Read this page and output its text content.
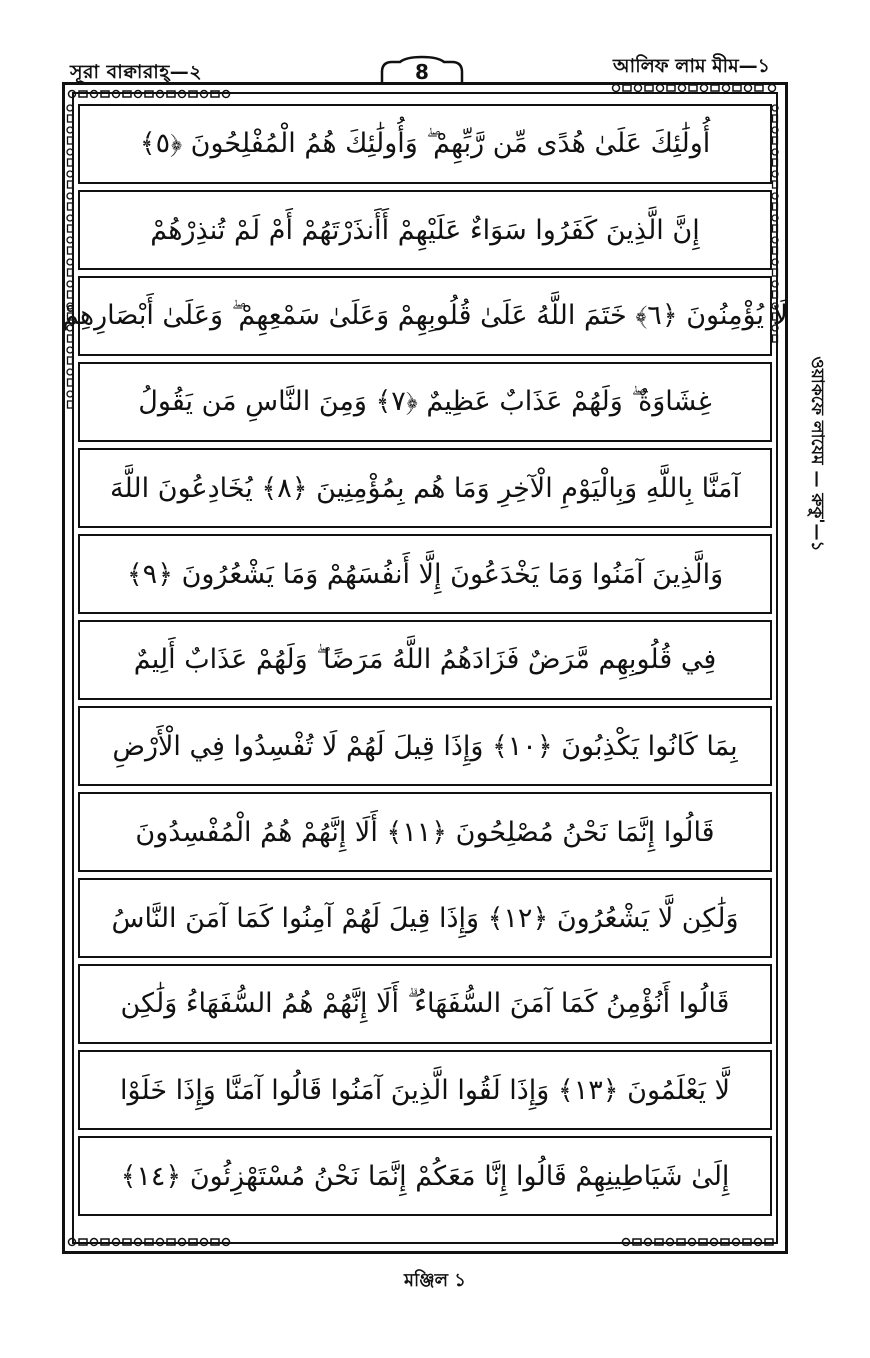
সূরা বাক্বারাহ্—২	8	আলিফ লাম মীম—১
أُولَٰئِكَ عَلَىٰ هُدًى مِّن رَّبِّهِمْ ۖ وَأُولَٰئِكَ هُمُ الْمُفْلِحُونَ ﴿٥﴾
إِنَّ الَّذِينَ كَفَرُوا سَوَاءٌ عَلَيْهِمْ أَأَنذَرْتَهُمْ أَمْ لَمْ تُنذِرْهُمْ
لَا يُؤْمِنُونَ ﴿٦﴾ خَتَمَ اللَّهُ عَلَىٰ قُلُوبِهِمْ وَعَلَىٰ سَمْعِهِمْ ۖ وَعَلَىٰ أَبْصَارِهِمْ
غِشَاوَةٌ ۖ وَلَهُمْ عَذَابٌ عَظِيمٌ ﴿٧﴾ وَمِنَ النَّاسِ مَن يَقُولُ
آمَنَّا بِاللَّهِ وَبِالْيَوْمِ الْآخِرِ وَمَا هُم بِمُؤْمِنِينَ ﴿٨﴾ يُخَادِعُونَ اللَّهَ
وَالَّذِينَ آمَنُوا وَمَا يَخْدَعُونَ إِلَّا أَنفُسَهُمْ وَمَا يَشْعُرُونَ ﴿٩﴾
فِي قُلُوبِهِم مَّرَضٌ فَزَادَهُمُ اللَّهُ مَرَضًا ۖ وَلَهُمْ عَذَابٌ أَلِيمٌ
بِمَا كَانُوا يَكْذِبُونَ ﴿١٠﴾ وَإِذَا قِيلَ لَهُمْ لَا تُفْسِدُوا فِي الْأَرْضِ
قَالُوا إِنَّمَا نَحْنُ مُصْلِحُونَ ﴿١١﴾ أَلَا إِنَّهُمْ هُمُ الْمُفْسِدُونَ
وَلَٰكِن لَّا يَشْعُرُونَ ﴿١٢﴾ وَإِذَا قِيلَ لَهُمْ آمِنُوا كَمَا آمَنَ النَّاسُ
قَالُوا أَنُؤْمِنُ كَمَا آمَنَ السُّفَهَاءُ ۗ أَلَا إِنَّهُمْ هُمُ السُّفَهَاءُ وَلَٰكِن
لَّا يَعْلَمُونَ ﴿١٣﴾ وَإِذَا لَقُوا الَّذِينَ آمَنُوا قَالُوا آمَنَّا وَإِذَا خَلَوْا
إِلَىٰ شَيَاطِينِهِمْ قَالُوا إِنَّا مَعَكُمْ إِنَّمَا نَحْنُ مُسْتَهْزِئُونَ ﴿١٤﴾
ওয়াকফে লাযেম — রুকু'—১
মঞ্জিল ১
